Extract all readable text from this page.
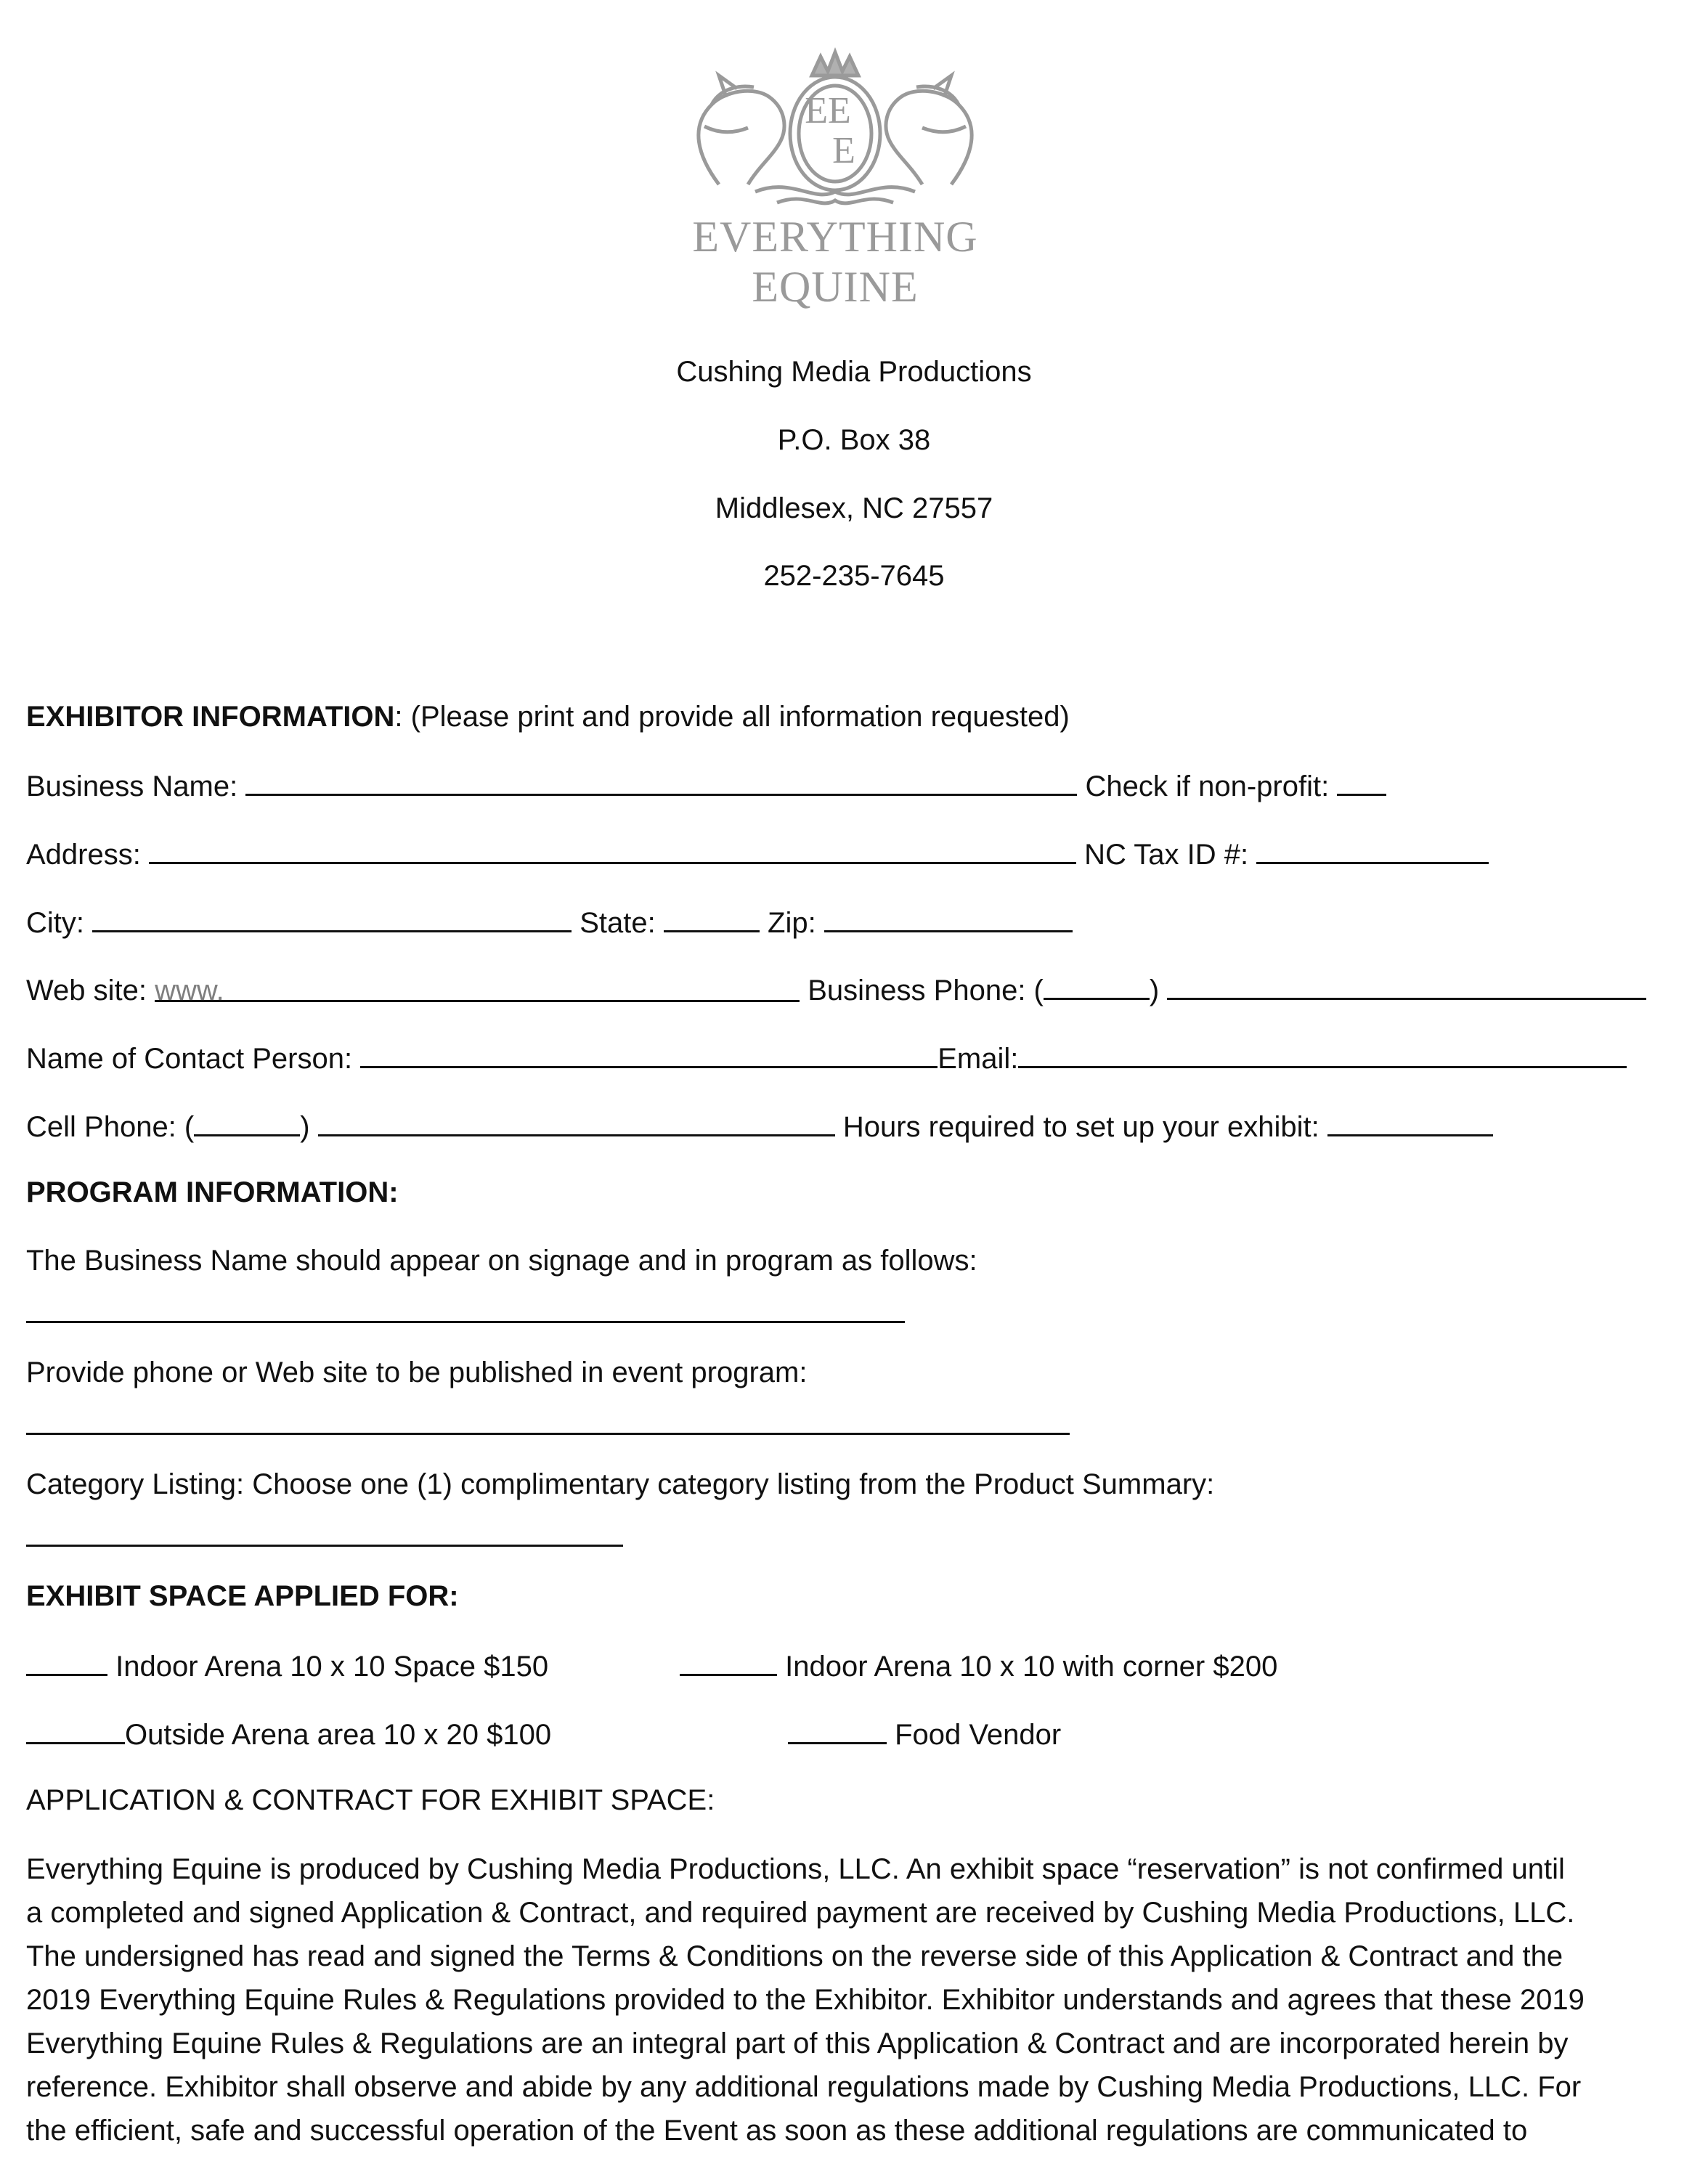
EE
E
EVERYTHING EQUINE
Cushing Media Productions
P.O. Box 38
Middlesex, NC 27557
252-235-7645
EXHIBITOR INFORMATION: (Please print and provide all information requested)
Business Name:	Check if non-profit:
Address:	NC Tax ID #:
City:	State:	Zip:
Web site: www.	Business Phone: (	)
Name of Contact Person:	Email:
Cell Phone: (	)	Hours required to set up your exhibit:
PROGRAM INFORMATION:
The Business Name should appear on signage and in program as follows:
Provide phone or Web site to be published in event program:
Category Listing: Choose one (1) complimentary category listing from the Product Summary:
EXHIBIT SPACE APPLIED FOR:
Indoor Arena 10 x 10 Space $150	Indoor Arena 10 x 10 with corner $200
Outside Arena area 10 x 20 $100	Food Vendor
APPLICATION & CONTRACT FOR EXHIBIT SPACE:
Everything Equine is produced by Cushing Media Productions, LLC. An exhibit space “reservation” is not confirmed until
a completed and signed Application & Contract, and required payment are received by Cushing Media Productions, LLC.
The undersigned has read and signed the Terms & Conditions on the reverse side of this Application & Contract and the
2019 Everything Equine Rules & Regulations provided to the Exhibitor. Exhibitor understands and agrees that these 2019
Everything Equine Rules & Regulations are an integral part of this Application & Contract and are incorporated herein by
reference. Exhibitor shall observe and abide by any additional regulations made by Cushing Media Productions, LLC. For
the efficient, safe and successful operation of the Event as soon as these additional regulations are communicated to
